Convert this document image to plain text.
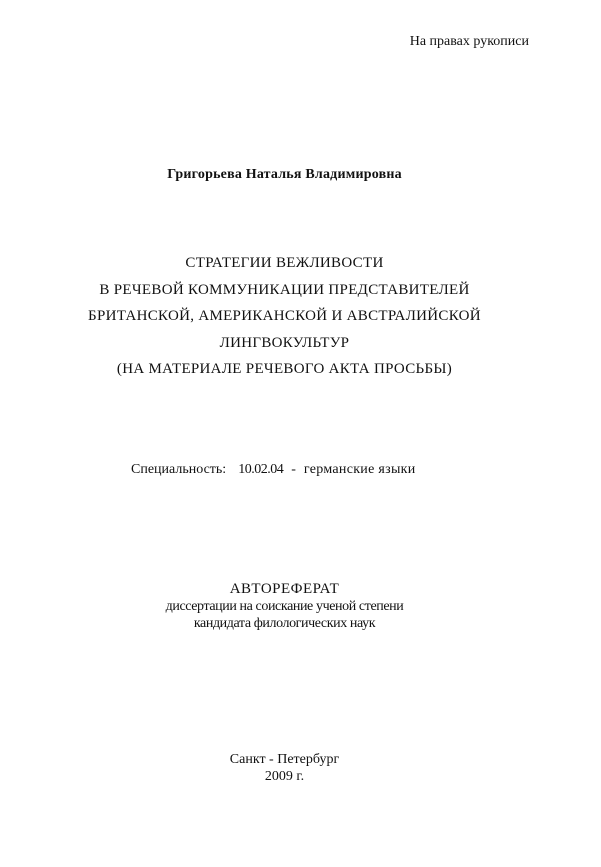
На правах рукописи
Григорьева Наталья Владимировна
СТРАТЕГИИ ВЕЖЛИВОСТИ
В РЕЧЕВОЙ КОММУНИКАЦИИ ПРЕДСТАВИТЕЛЕЙ
БРИТАНСКОЙ, АМЕРИКАНСКОЙ И АВСТРАЛИЙСКОЙ
ЛИНГВОКУЛЬТУР
(НА МАТЕРИАЛЕ РЕЧЕВОГО АКТА ПРОСЬБЫ)
Специальность: 10.02.04 - германские языки
АВТОРЕФЕРАТ
диссертации на соискание ученой степени
кандидата филологических наук
Санкт - Петербург
2009 г.
